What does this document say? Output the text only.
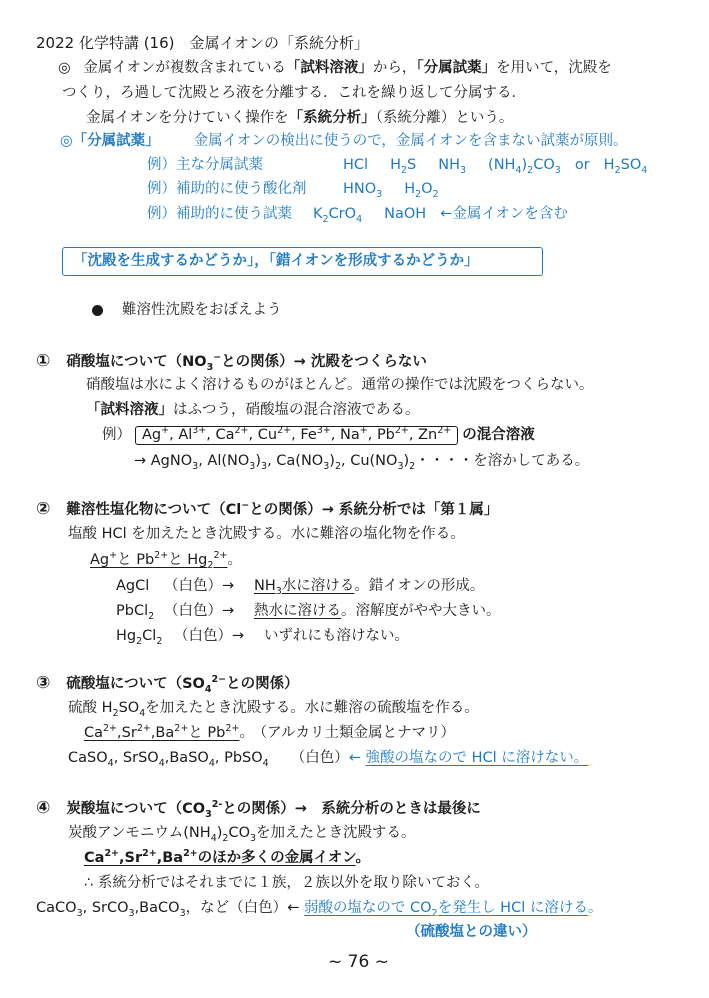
2022 化学特講 (16)　金属イオンの「系統分析」
◎ 金属イオンが複数含まれている「試料溶液」から，「分属試薬」を用いて，沈殿を
つくり，ろ過して沈殿とろ液を分離する．これを繰り返して分属する．
金属イオンを分けていく操作を「系統分析」（系統分離）という。
◎「分属試薬」 金属イオンの検出に使うので，金属イオンを含まない試薬が原則。
例）主な分属試薬	HCl $H_2S$ $NH_3$ $(NH_4)_2CO_3$ or $H_2SO_4$
例）補助的に使う酸化剤	$HNO_3$ $H_2O_2$
例）補助的に使う試薬 $K_2CrO_4$ NaOH ←金属イオンを含む
「沈殿を生成するかどうか」，「錯イオンを形成するかどうか」
難溶性沈殿をおぼえよう
① 硝酸塩について（$NO_3^-$との関係）→ 沈殿をつくらない
硝酸塩は水によく溶けるものがほとんど。通常の操作では沈殿をつくらない。
「試料溶液」はふつう，硝酸塩の混合溶液である。
例） Ag+, $Al^{3+}$, $Ca^{2+}$, $Cu^{2+}$, $Fe^{3+}$, Na+, $Pb^{2+}$, $Zn^{2+}$ の混合溶液
→ AgNO$_3$, $Al(NO_3)_3$, $Ca(NO_3)_2$, $Cu(NO_3)_2$・・・・を溶かしてある。
② 難溶性塩化物について（Cl−との関係）→ 系統分析では「第１属」
塩酸 HCl を加えたとき沈殿する。水に難溶の塩化物を作る。
Ag+と $Pb^{2+}$と $Hg_2^{2+}$。
AgCl （白色）→ $NH_3$水に溶ける。錯イオンの形成。
PbCl$_2$ （白色）→ 熱水に溶ける。溶解度がやや大きい。
$Hg_2Cl_2$ （白色）→ いずれにも溶けない。
③ 硫酸塩について（$SO_4^{2-}$との関係）
硫酸 $H_2SO_4$を加えたとき沈殿する。水に難溶の硫酸塩を作る。
$Ca^{2+},Sr^{2+},Ba^{2+}$と $Pb^{2+}$。 （アルカリ土類金属とナマリ）
CaSO$_4$, SrSO$_4$,BaSO$_4$, PbSO$_4$ （白色）← 強酸の塩なので HCl に溶けない。
④ 炭酸塩について（$CO_3^{2-}$との関係）→　系統分析のときは最後に
炭酸アンモニウム$(NH_4)_2CO_3$を加えたとき沈殿する。
$Ca^{2+},Sr^{2+},Ba^{2+}$のほか多くの金属イオン。
∴ 系統分析ではそれまでに１族，２族以外を取り除いておく。
CaCO$_3$, SrCO$_3$,BaCO$_3$，など（白色）← 弱酸の塩なので $CO_2$を発生し HCl に溶ける。
（硫酸塩との違い）
~ 76 ~
